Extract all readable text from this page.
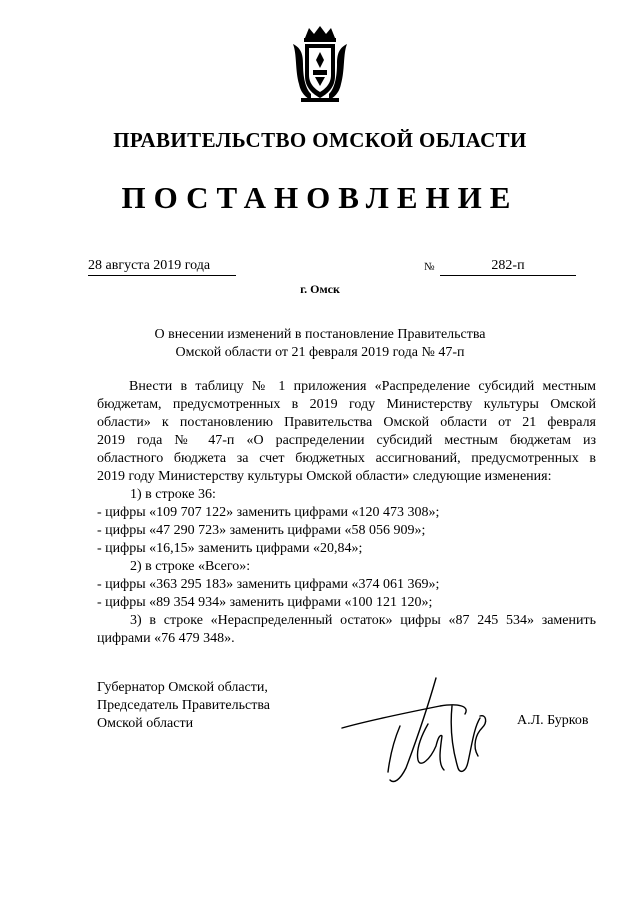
ПРАВИТЕЛЬСТВО ОМСКОЙ ОБЛАСТИ
ПОСТАНОВЛЕНИЕ
28 августа 2019 года	№	282-п
г. Омск
О внесении изменений в постановление Правительства
Омской области от 21 февраля 2019 года № 47-п
Внести в таблицу № 1 приложения «Распределение субсидий местным
бюджетам, предусмотренных в 2019 году Министерству культуры Омской
области» к постановлению Правительства Омской области от 21 февраля
2019 года № 47-п «О распределении субсидий местным бюджетам из
областного бюджета за счет бюджетных ассигнований, предусмотренных в
2019 году Министерству культуры Омской области» следующие изменения:
1) в строке 36:
- цифры «109 707 122» заменить цифрами «120 473 308»;
- цифры «47 290 723» заменить цифрами «58 056 909»;
- цифры «16,15» заменить цифрами «20,84»;
2) в строке «Всего»:
- цифры «363 295 183» заменить цифрами «374 061 369»;
- цифры «89 354 934» заменить цифрами «100 121 120»;
3) в строке «Нераспределенный остаток» цифры «87 245 534» заменить
цифрами «76 479 348».
Губернатор Омской области,
Председатель Правительства
Омской области	А.Л. Бурков
